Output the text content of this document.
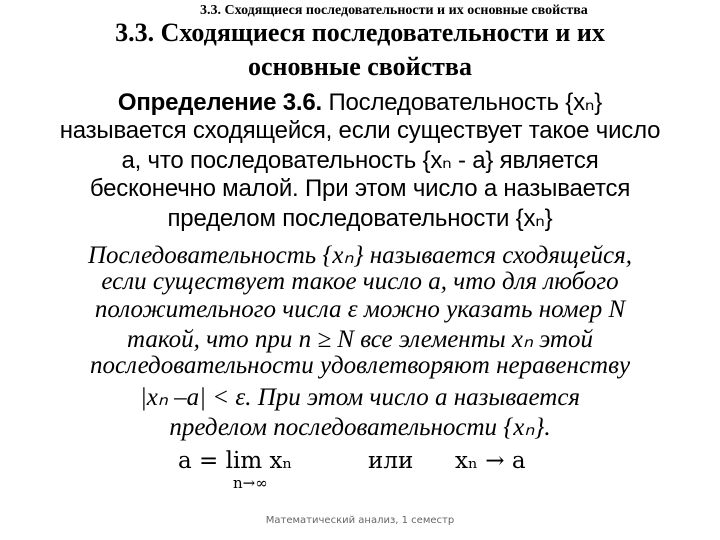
3.3. Сходящиеся последовательности и их основные свойства
3.3. Сходящиеся последовательности и их
основные свойства
Определение 3.6. Последовательность {xₙ}
называется сходящейся, если существует такое число
a, что последовательность {xₙ - a} является
бесконечно малой. При этом число a называется
пределом последовательности {xₙ}
Последовательность {xₙ} называется сходящейся,
если существует такое число a, что для любого
положительного числа ε можно указать номер N
такой, что при n ≥ N все элементы xₙ этой
последовательности удовлетворяют неравенству
|xₙ –a| < ε. При этом число a называется
пределом последовательности {xₙ}.
a = lim xₙ
n→∞
или xₙ → a
Математический анализ, 1 семестр
